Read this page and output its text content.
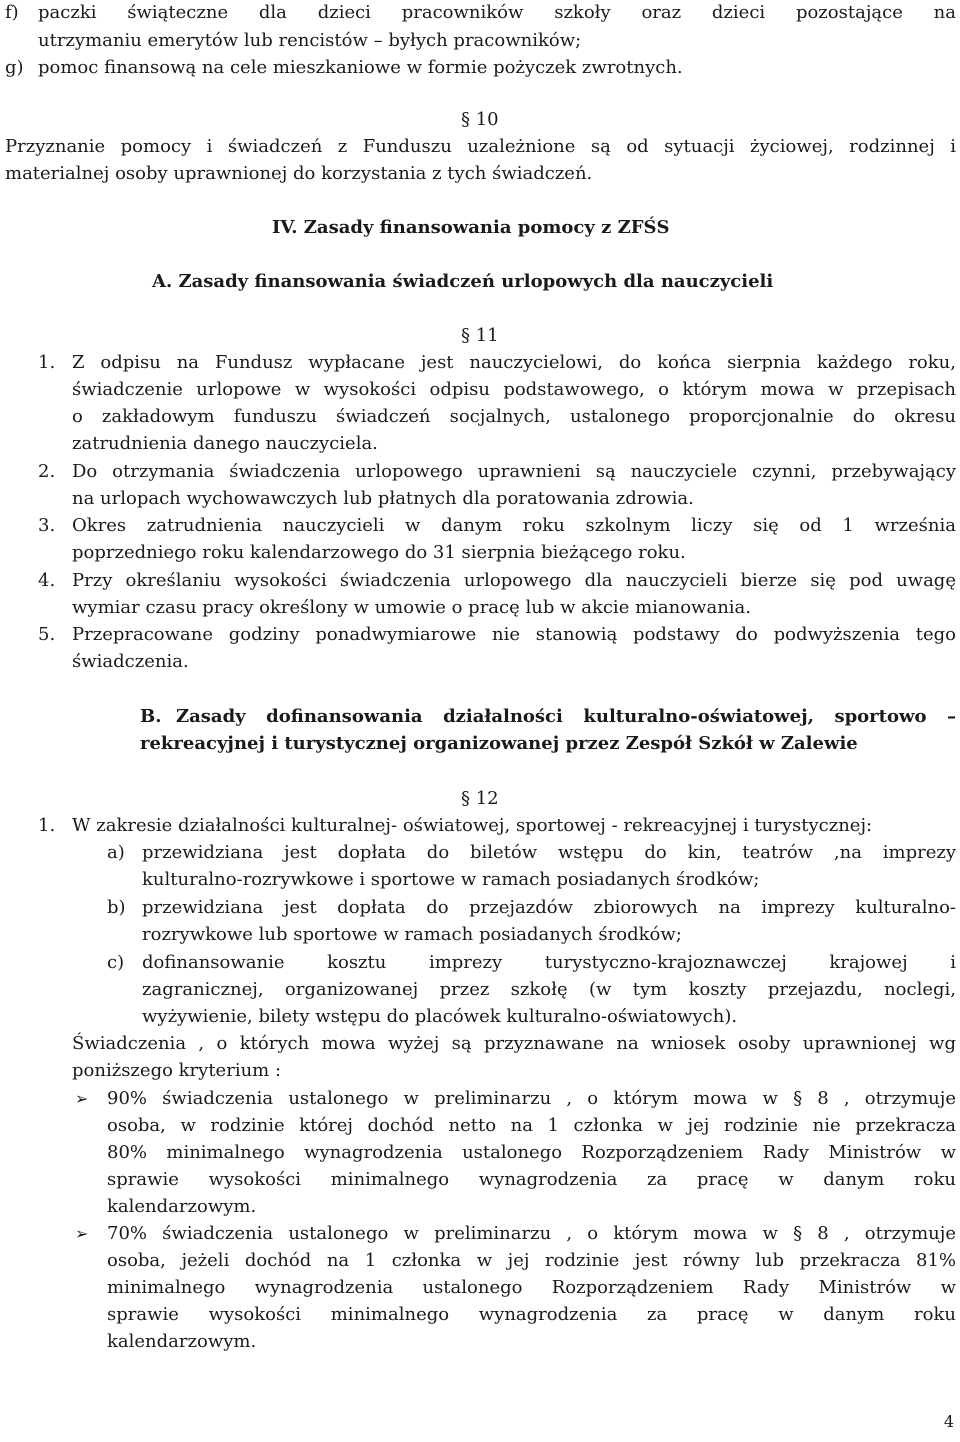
f) paczki świąteczne dla dzieci pracowników szkoły oraz dzieci pozostające na
utrzymaniu emerytów lub rencistów – byłych pracowników;
g) pomoc finansową na cele mieszkaniowe w formie pożyczek zwrotnych.
§ 10
Przyznanie pomocy i świadczeń z Funduszu uzależnione są od sytuacji życiowej, rodzinnej i
materialnej osoby uprawnionej do korzystania z tych świadczeń.
IV. Zasady finansowania pomocy z ZFŚS
A. Zasady finansowania świadczeń urlopowych dla nauczycieli
§ 11
1. Z odpisu na Fundusz wypłacane jest nauczycielowi, do końca sierpnia każdego roku,
świadczenie urlopowe w wysokości odpisu podstawowego, o którym mowa w przepisach
o zakładowym funduszu świadczeń socjalnych, ustalonego proporcjonalnie do okresu
zatrudnienia danego nauczyciela.
2. Do otrzymania świadczenia urlopowego uprawnieni są nauczyciele czynni, przebywający
na urlopach wychowawczych lub płatnych dla poratowania zdrowia.
3. Okres zatrudnienia nauczycieli w danym roku szkolnym liczy się od 1 września
poprzedniego roku kalendarzowego do 31 sierpnia bieżącego roku.
4. Przy określaniu wysokości świadczenia urlopowego dla nauczycieli bierze się pod uwagę
wymiar czasu pracy określony w umowie o pracę lub w akcie mianowania.
5. Przepracowane godziny ponadwymiarowe nie stanowią podstawy do podwyższenia tego
świadczenia.
B. Zasady dofinansowania działalności kulturalno-oświatowej, sportowo –
rekreacyjnej i turystycznej organizowanej przez Zespół Szkół w Zalewie
§ 12
1. W zakresie działalności kulturalnej- oświatowej, sportowej - rekreacyjnej i turystycznej:
a) przewidziana jest dopłata do biletów wstępu do kin, teatrów ,na imprezy
kulturalno-rozrywkowe i sportowe w ramach posiadanych środków;
b) przewidziana jest dopłata do przejazdów zbiorowych na imprezy kulturalno-
rozrywkowe lub sportowe w ramach posiadanych środków;
c) dofinansowanie kosztu imprezy turystyczno-krajoznawczej krajowej i
zagranicznej, organizowanej przez szkołę (w tym koszty przejazdu, noclegi,
wyżywienie, bilety wstępu do placówek kulturalno-oświatowych).
Świadczenia , o których mowa wyżej są przyznawane na wniosek osoby uprawnionej wg
poniższego kryterium :
➢ 90% świadczenia ustalonego w preliminarzu , o którym mowa w § 8 , otrzymuje
osoba, w rodzinie której dochód netto na 1 członka w jej rodzinie nie przekracza
80% minimalnego wynagrodzenia ustalonego Rozporządzeniem Rady Ministrów w
sprawie wysokości minimalnego wynagrodzenia za pracę w danym roku
kalendarzowym.
➢ 70% świadczenia ustalonego w preliminarzu , o którym mowa w § 8 , otrzymuje
osoba, jeżeli dochód na 1 członka w jej rodzinie jest równy lub przekracza 81%
minimalnego wynagrodzenia ustalonego Rozporządzeniem Rady Ministrów w
sprawie wysokości minimalnego wynagrodzenia za pracę w danym roku
kalendarzowym.
4
